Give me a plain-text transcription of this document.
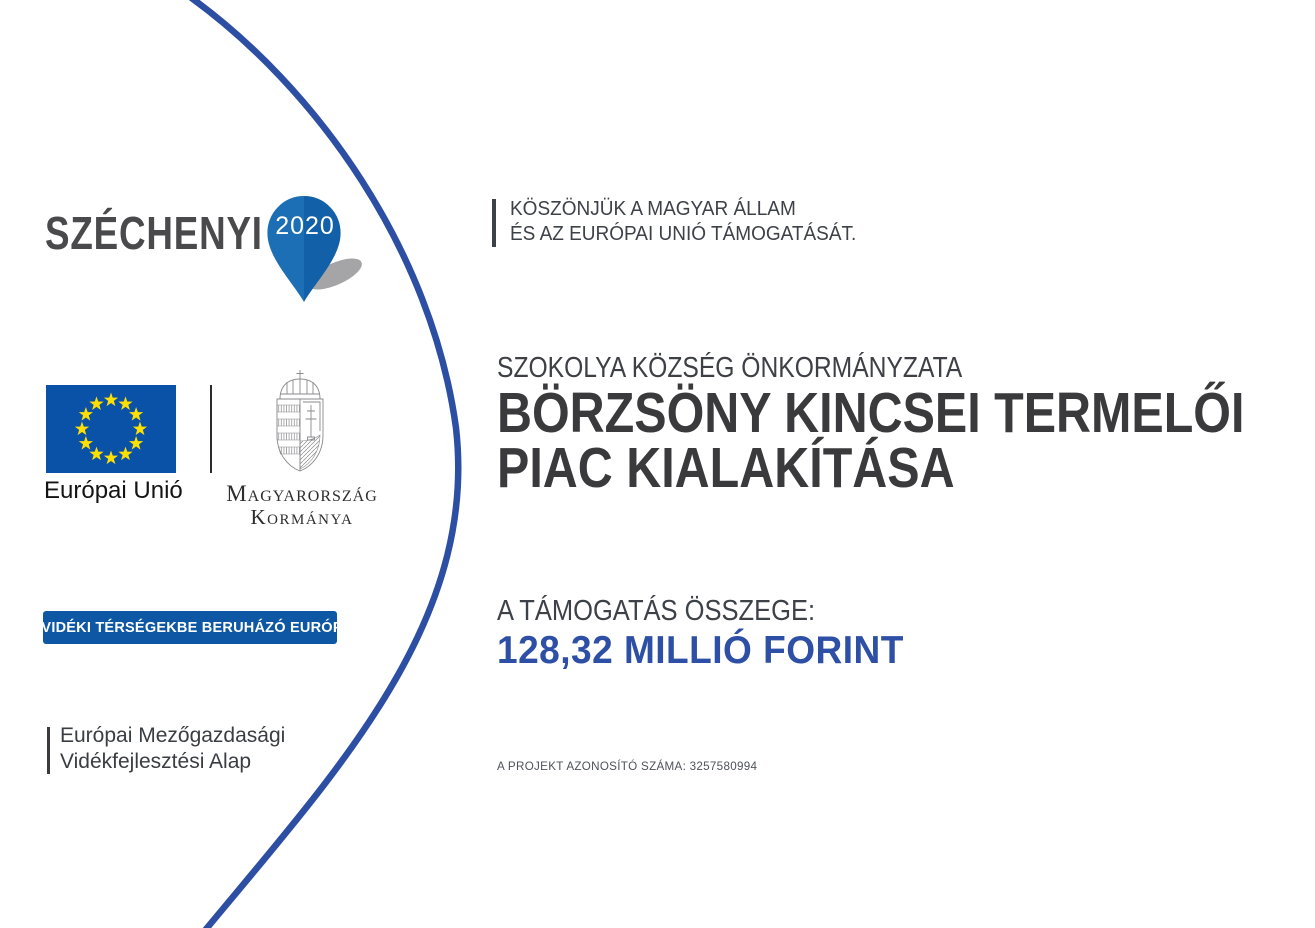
SZÉCHENYI 2020
KÖSZÖNJÜK A MAGYAR ÁLLAM
ÉS AZ EURÓPAI UNIÓ TÁMOGATÁSÁT.
Európai Unió	Magyarország
Kormánya
A VIDÉKI TÉRSÉGEKBE BERUHÁZÓ EURÓPA
Európai Mezőgazdasági
Vidékfejlesztési Alap
SZOKOLYA KÖZSÉG ÖNKORMÁNYZATA
BÖRZSÖNY KINCSEI TERMELŐI
PIAC KIALAKÍTÁSA
A TÁMOGATÁS ÖSSZEGE:
128,32 MILLIÓ FORINT
A PROJEKT AZONOSÍTÓ SZÁMA: 3257580994
